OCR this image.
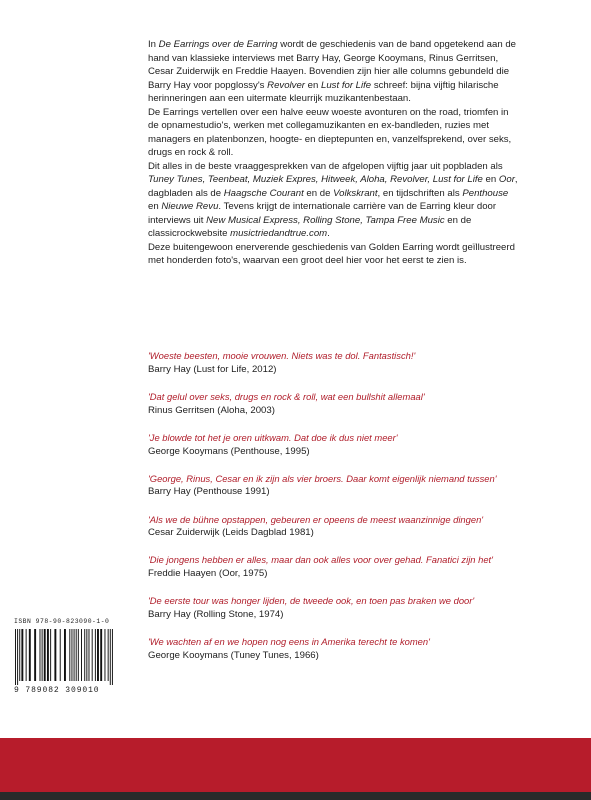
In De Earrings over de Earring wordt de geschiedenis van de band opgetekend aan de hand van klassieke interviews met Barry Hay, George Kooymans, Rinus Gerritsen, Cesar Zuiderwijk en Freddie Haayen. Bovendien zijn hier alle columns gebundeld die Barry Hay voor popglossy's Revolver en Lust for Life schreef: bijna vijftig hilarische herinneringen aan een uitermate kleurrijk muzikantenbestaan.

De Earrings vertellen over een halve eeuw woeste avonturen on the road, triomfen in de opnamestudio's, werken met collegamuzikanten en ex-bandleden, ruzies met managers en platenbonzen, hoogte- en dieptepunten en, vanzelfsprekend, over seks, drugs en rock & roll.

Dit alles in de beste vraaggesprekken van de afgelopen vijftig jaar uit popbladen als Tuney Tunes, Teenbeat, Muziek Expres, Hitweek, Aloha, Revolver, Lust for Life en Oor, dagbladen als de Haagsche Courant en de Volkskrant, en tijdschriften als Penthouse en Nieuwe Revu. Tevens krijgt de internationale carrière van de Earring kleur door interviews uit New Musical Express, Rolling Stone, Tampa Free Music en de classicrockwebsite musictriedandtrue.com.

Deze buitengewoon enerverende geschiedenis van Golden Earring wordt geïllustreerd met honderden foto's, waarvan een groot deel hier voor het eerst te zien is.

'Woeste beesten, mooie vrouwen. Niets was te dol. Fantastisch!'
Barry Hay (Lust for Life, 2012)
'Dat gelul over seks, drugs en rock & roll, wat een bullshit allemaal'
Rinus Gerritsen (Aloha, 2003)
'Je blowde tot het je oren uitkwam. Dat doe ik dus niet meer'
George Kooymans (Penthouse, 1995)
'George, Rinus, Cesar en ik zijn als vier broers. Daar komt eigenlijk niemand tussen'
Barry Hay (Penthouse 1991)
'Als we de bühne opstappen, gebeuren er opeens de meest waanzinnige dingen'
Cesar Zuiderwijk (Leids Dagblad 1981)
'Die jongens hebben er alles, maar dan ook alles voor over gehad. Fanatici zijn het'
Freddie Haayen (Oor, 1975)
'De eerste tour was honger lijden, de tweede ook, en toen pas braken we door'
Barry Hay (Rolling Stone, 1974)
'We wachten af en we hopen nog eens in Amerika terecht te komen'
George Kooymans (Tuney Tunes, 1966)
ISBN 978-90-823090-1-0
9 789082 309010
